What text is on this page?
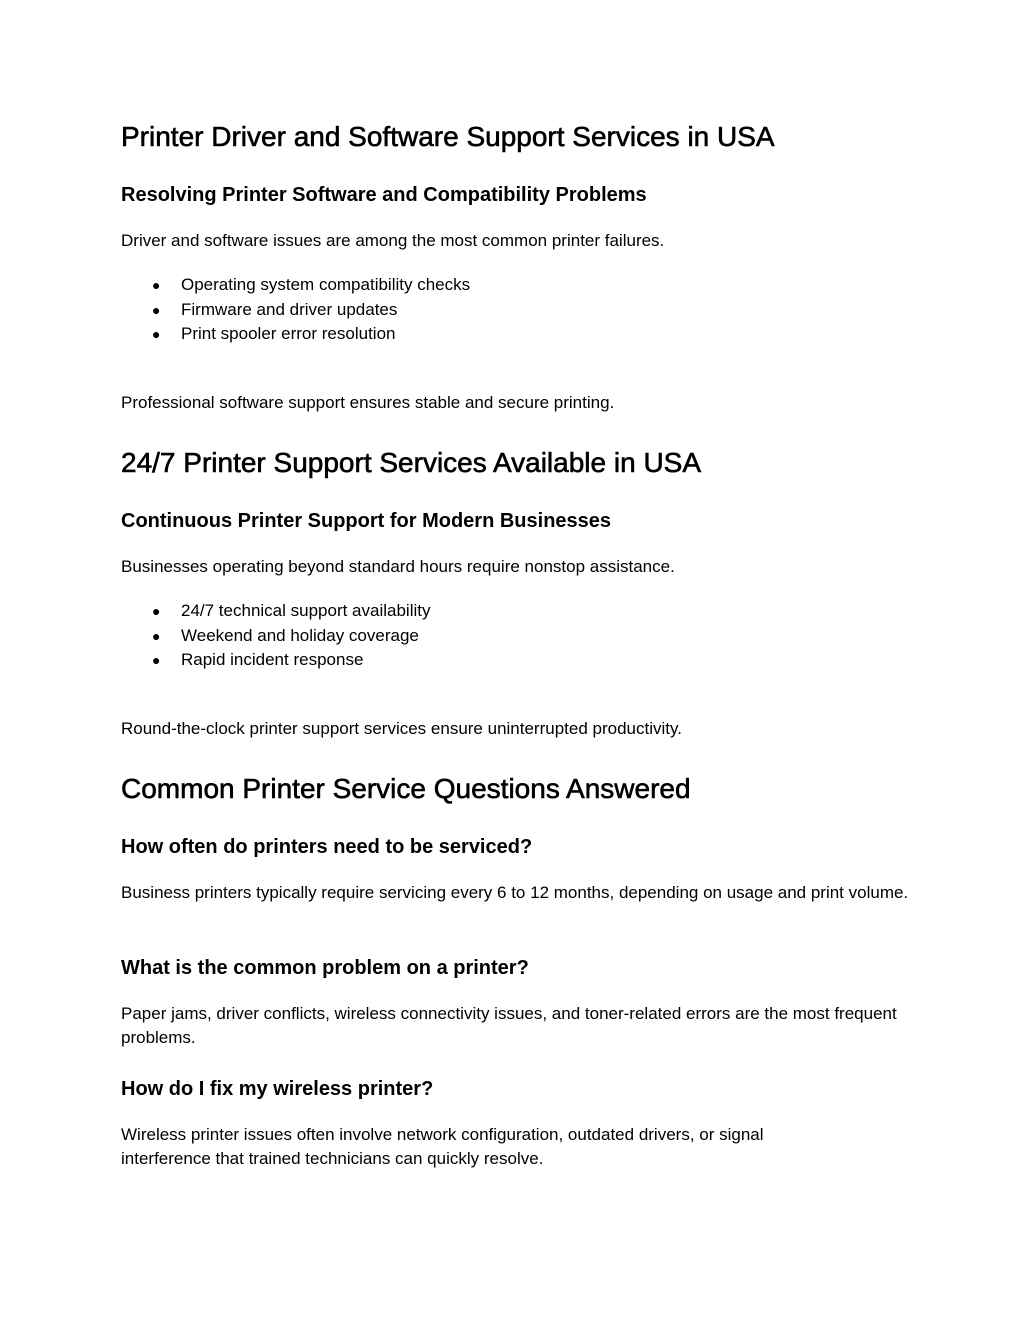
Printer Driver and Software Support Services in USA
Resolving Printer Software and Compatibility Problems

Driver and software issues are among the most common printer failures.

● Operating system compatibility checks
● Firmware and driver updates
● Print spooler error resolution

Professional software support ensures stable and secure printing.

24/7 Printer Support Services Available in USA
Continuous Printer Support for Modern Businesses

Businesses operating beyond standard hours require nonstop assistance.

● 24/7 technical support availability
● Weekend and holiday coverage
● Rapid incident response

Round-the-clock printer support services ensure uninterrupted productivity.

Common Printer Service Questions Answered
How often do printers need to be serviced?

Business printers typically require servicing every 6 to 12 months, depending on usage and print volume.

What is the common problem on a printer?

Paper jams, driver conflicts, wireless connectivity issues, and toner-related errors are the most frequent problems.

How do I fix my wireless printer?

Wireless printer issues often involve network configuration, outdated drivers, or signal interference that trained technicians can quickly resolve.
